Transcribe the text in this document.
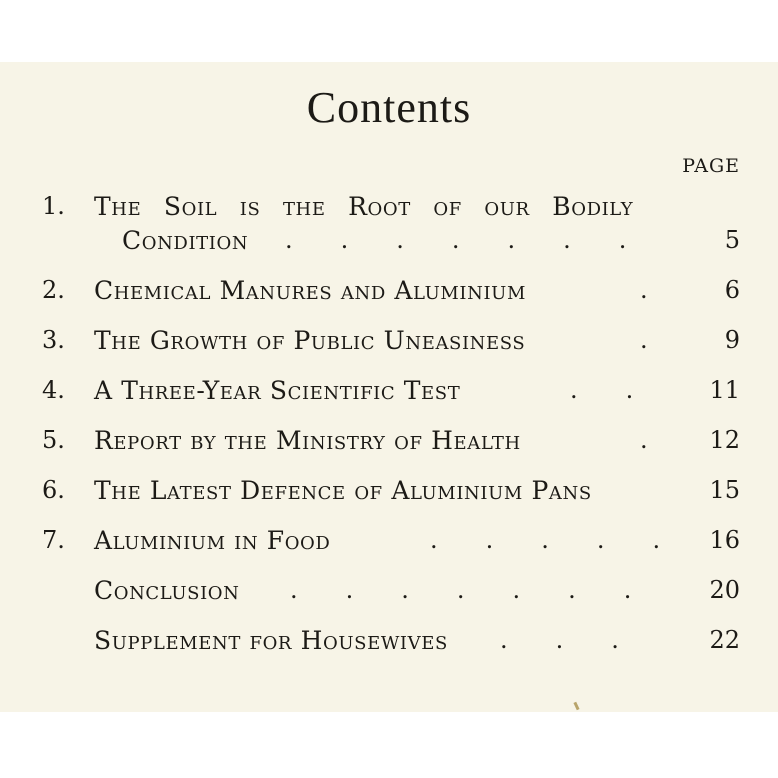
Contents
PAGE
1.	The Soil is the Root of our Bodily
Condition .  .  .  .  .  .  .	5
2.	Chemical Manures and Aluminium	.	6
3.	The Growth of Public Uneasiness	.	9
4.	A Three-Year Scientific Test	.  .	11
5.	Report by the Ministry of Health	.	12
6.	The Latest Defence of Aluminium Pans	15
7.	Aluminium in Food	.  .  .  .  .	16
Conclusion .  .  .  .  .  .  .	20
Supplement for Housewives .  .  .	22
